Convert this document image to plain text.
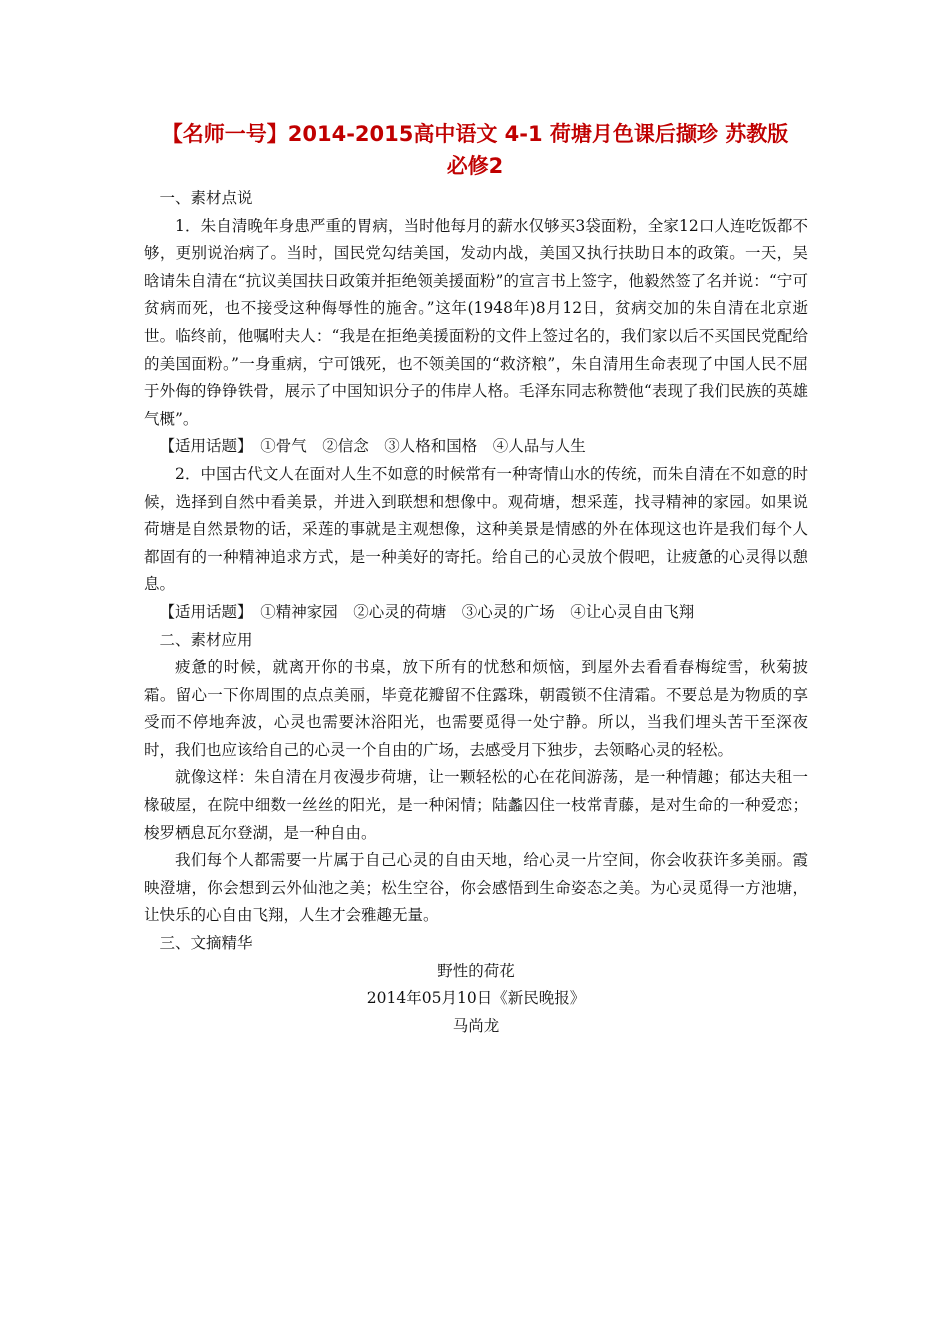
【名师一号】2014-2015高中语文 4-1 荷塘月色课后撷珍 苏教版
必修2

一、素材点说

1．朱自清晚年身患严重的胃病，当时他每月的薪水仅够买3袋面粉，全家12口人连吃饭都不够，更别说治病了。当时，国民党勾结美国，发动内战，美国又执行扶助日本的政策。一天，吴晗请朱自清在“抗议美国扶日政策并拒绝领美援面粉”的宣言书上签字，他毅然签了名并说：“宁可贫病而死，也不接受这种侮辱性的施舍。”这年(1948年)8月12日，贫病交加的朱自清在北京逝世。临终前，他嘱咐夫人：“我是在拒绝美援面粉的文件上签过名的，我们家以后不买国民党配给的美国面粉。”一身重病，宁可饿死，也不领美国的“救济粮”，朱自清用生命表现了中国人民不屈于外侮的铮铮铁骨，展示了中国知识分子的伟岸人格。毛泽东同志称赞他“表现了我们民族的英雄气概”。

【适用话题】　①骨气　②信念　③人格和国格　④人品与人生

2．中国古代文人在面对人生不如意的时候常有一种寄情山水的传统，而朱自清在不如意的时候，选择到自然中看美景，并进入到联想和想像中。观荷塘，想采莲，找寻精神的家园。如果说荷塘是自然景物的话，采莲的事就是主观想像，这种美景是情感的外在体现这也许是我们每个人都固有的一种精神追求方式，是一种美好的寄托。给自己的心灵放个假吧，让疲惫的心灵得以憩息。

【适用话题】　①精神家园　②心灵的荷塘　③心灵的广场　④让心灵自由飞翔

二、素材应用

疲惫的时候，就离开你的书桌，放下所有的忧愁和烦恼，到屋外去看看春梅绽雪，秋菊披霜。留心一下你周围的点点美丽，毕竟花瓣留不住露珠，朝霞锁不住清霜。不要总是为物质的享受而不停地奔波，心灵也需要沐浴阳光，也需要觅得一处宁静。所以，当我们埋头苦干至深夜时，我们也应该给自己的心灵一个自由的广场，去感受月下独步，去领略心灵的轻松。

就像这样：朱自清在月夜漫步荷塘，让一颗轻松的心在花间游荡，是一种情趣；郁达夫租一椽破屋，在院中细数一丝丝的阳光，是一种闲情；陆蠡囚住一枝常青藤，是对生命的一种爱恋；梭罗栖息瓦尔登湖，是一种自由。

我们每个人都需要一片属于自己心灵的自由天地，给心灵一片空间，你会收获许多美丽。霞映澄塘，你会想到云外仙池之美；松生空谷，你会感悟到生命姿态之美。为心灵觅得一方池塘，让快乐的心自由飞翔，人生才会雅趣无量。

三、文摘精华

野性的荷花

2014年05月10日《新民晚报》

马尚龙
